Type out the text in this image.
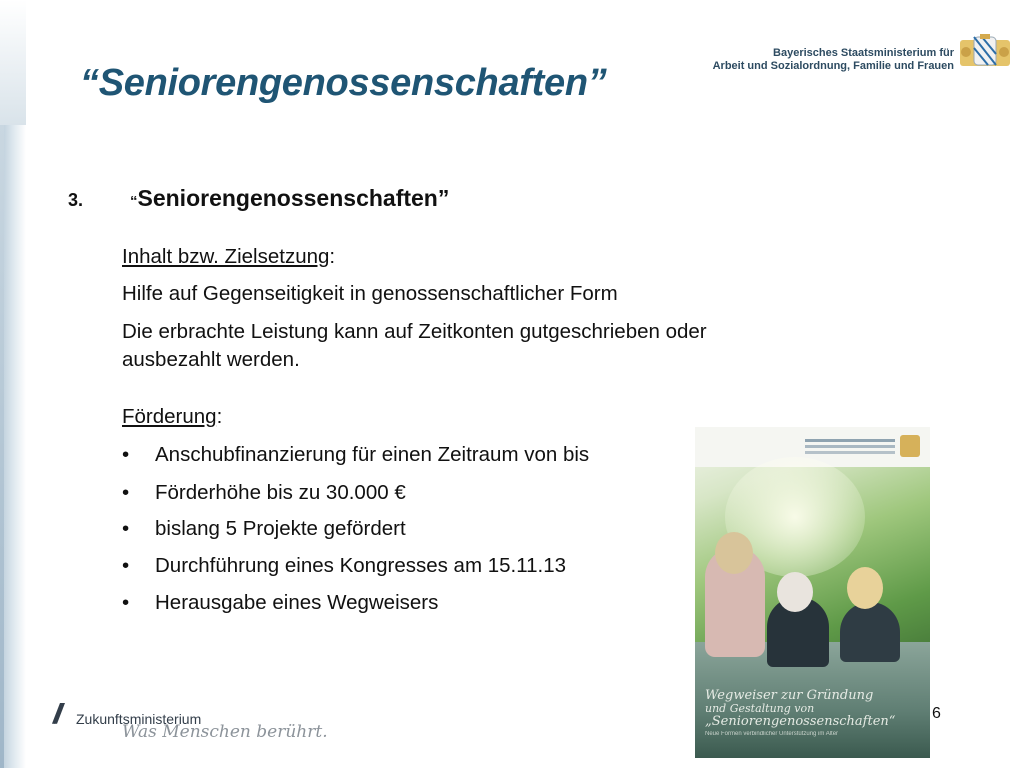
“Seniorengenossenschaften”
Bayerisches Staatsministerium für
Arbeit und Sozialordnung, Familie und Frauen
3.	“Seniorengenossenschaften”
Inhalt bzw. Zielsetzung:
Hilfe auf Gegenseitigkeit in genossenschaftlicher Form
Die erbrachte Leistung kann auf Zeitkonten gutgeschrieben oder
ausbezahlt werden.
Förderung:
• Anschubfinanzierung für einen Zeitraum von bis
• Förderhöhe bis zu 30.000 €
• bislang 5 Projekte gefördert
• Durchführung eines Kongresses am 15.11.13
• Herausgabe eines Wegweisers
Wegweiser zur Gründung
und Gestaltung von
„Seniorengenossenschaften“
Neue Formen verbindlicher Unterstützung im Alter
6
// Zukunftsministerium
Was Menschen berührt.
